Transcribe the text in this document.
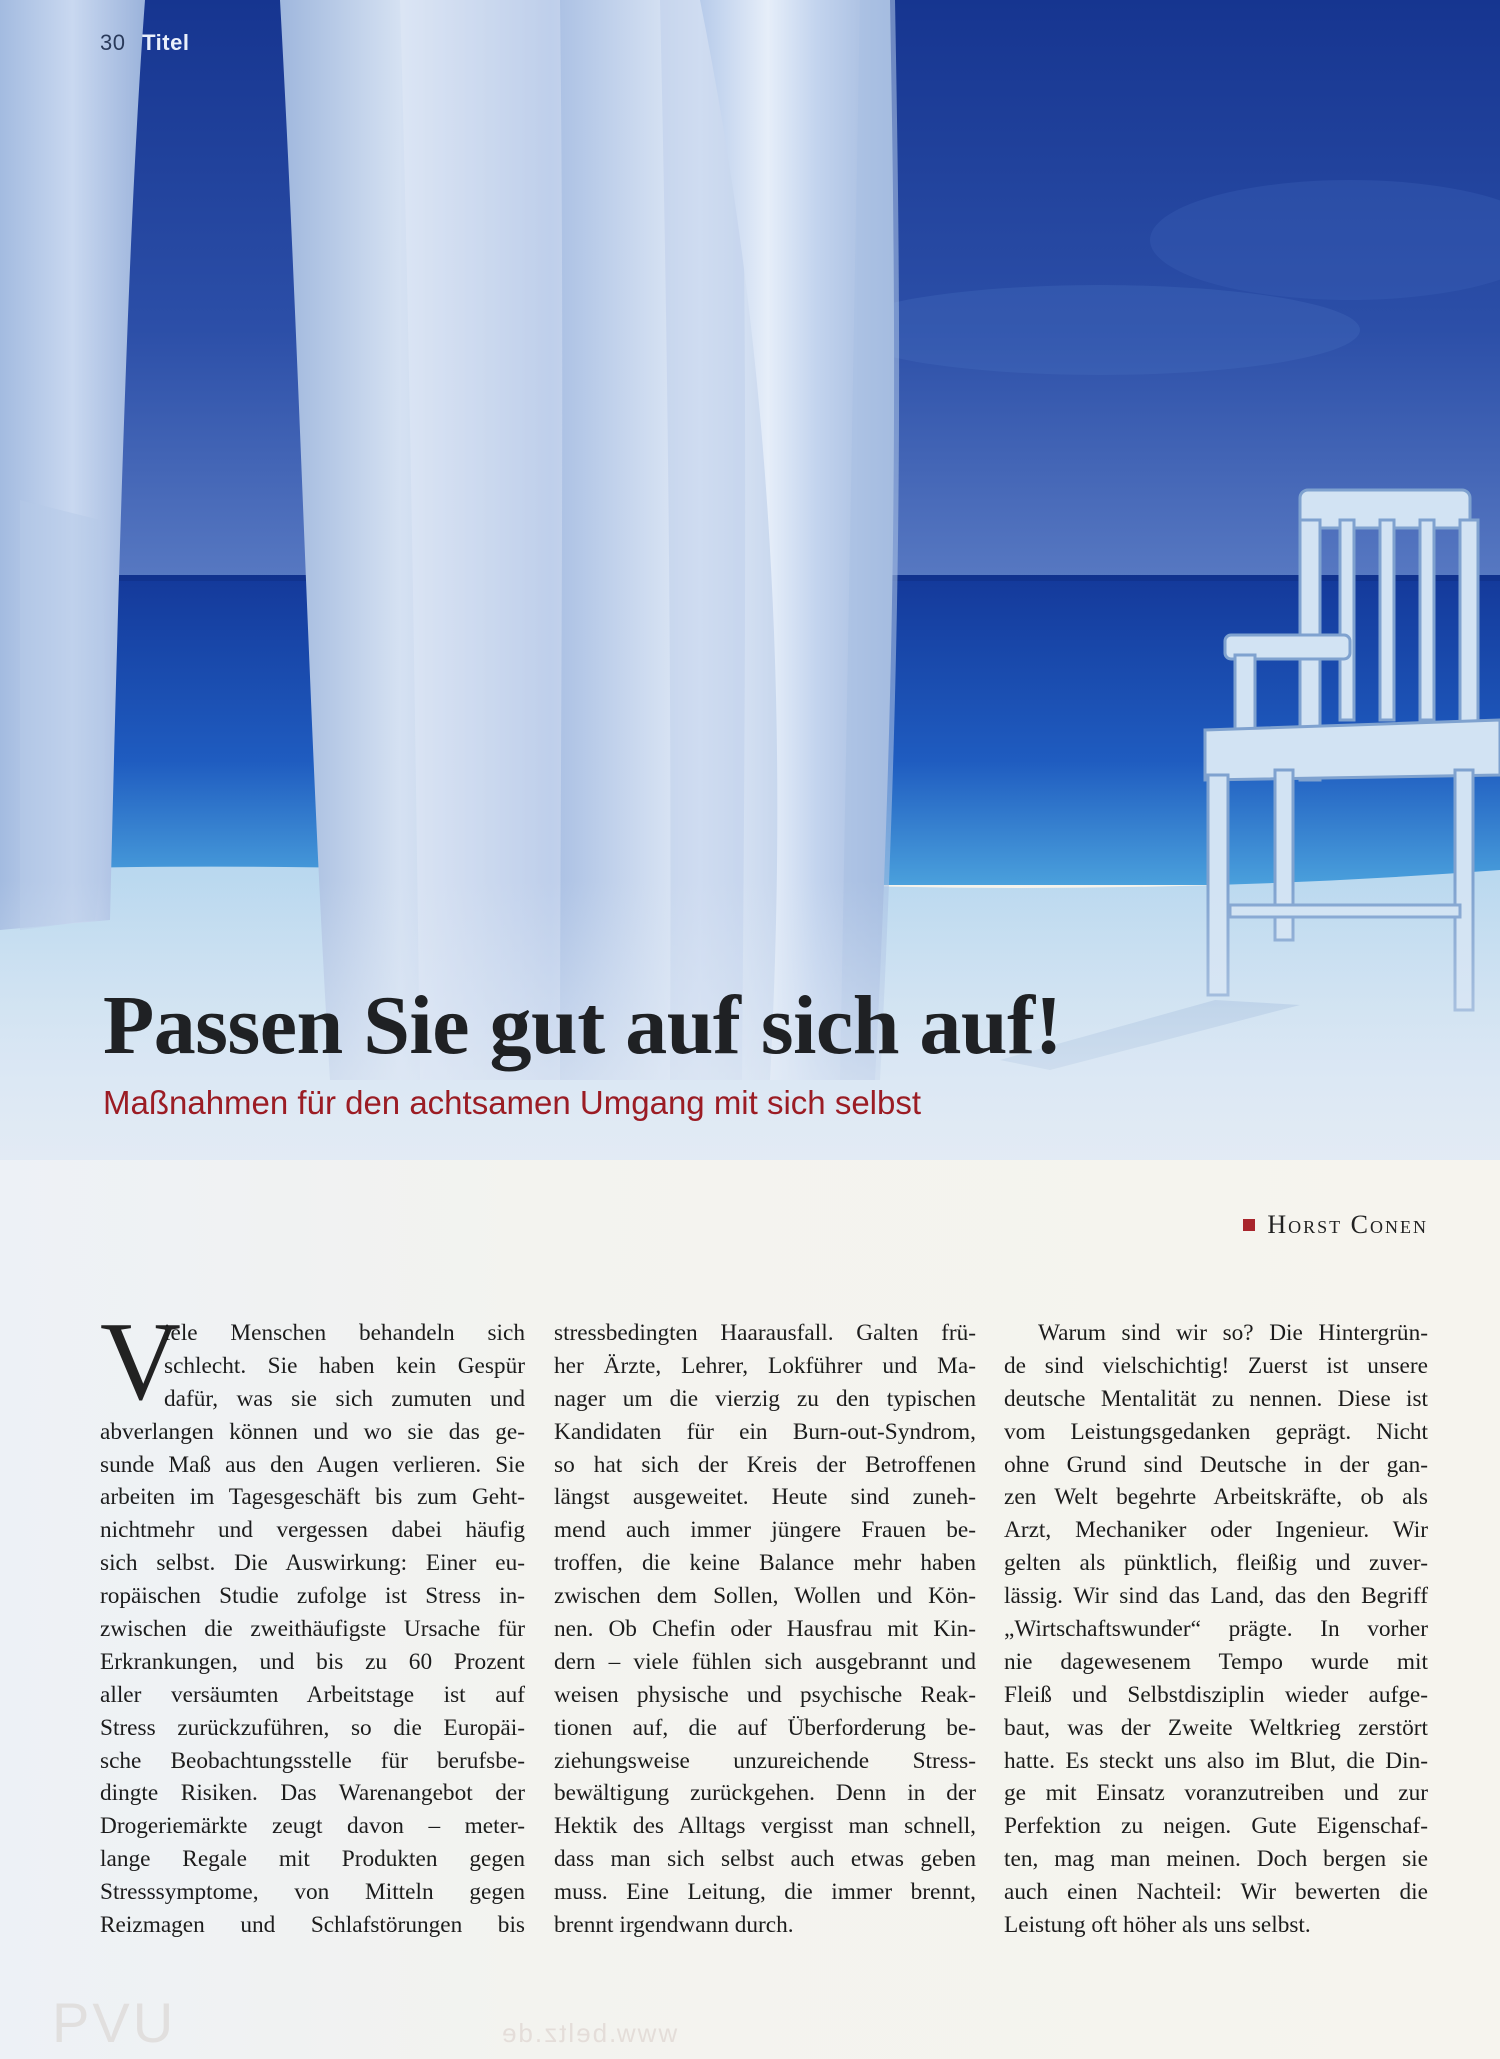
30 Titel
Passen Sie gut auf sich auf!

Maßnahmen für den achtsamen Umgang mit sich selbst

Horst Conen
V

iele Menschen behandeln sich
schlecht. Sie haben kein Gespür
dafür, was sie sich zumuten und
abverlangen können und wo sie das ge-
sunde Maß aus den Augen verlieren. Sie
arbeiten im Tagesgeschäft bis zum Geht-
nichtmehr und vergessen dabei häufig
sich selbst. Die Auswirkung: Einer eu-
ropäischen Studie zufolge ist Stress in-
zwischen die zweithäufigste Ursache für
Erkrankungen, und bis zu 60 Prozent
aller versäumten Arbeitstage ist auf
Stress zurückzuführen, so die Europäi-
sche Beobachtungsstelle für berufsbe-
dingte Risiken. Das Warenangebot der
Drogeriemärkte zeugt davon – meter-
lange Regale mit Produkten gegen
Stresssymptome, von Mitteln gegen
Reizmagen und Schlafstörungen bis

stressbedingten Haarausfall. Galten frü-
her Ärzte, Lehrer, Lokführer und Ma-
nager um die vierzig zu den typischen
Kandidaten für ein Burn-out-Syndrom,
so hat sich der Kreis der Betroffenen
längst ausgeweitet. Heute sind zuneh-
mend auch immer jüngere Frauen be-
troffen, die keine Balance mehr haben
zwischen dem Sollen, Wollen und Kön-
nen. Ob Chefin oder Hausfrau mit Kin-
dern – viele fühlen sich ausgebrannt und
weisen physische und psychische Reak-
tionen auf, die auf Überforderung be-
ziehungsweise unzureichende Stress-
bewältigung zurückgehen. Denn in der
Hektik des Alltags vergisst man schnell,
dass man sich selbst auch etwas geben
muss. Eine Leitung, die immer brennt,
brennt irgendwann durch.

Warum sind wir so? Die Hintergrün-
de sind vielschichtig! Zuerst ist unsere
deutsche Mentalität zu nennen. Diese ist
vom Leistungsgedanken geprägt. Nicht
ohne Grund sind Deutsche in der gan-
zen Welt begehrte Arbeitskräfte, ob als
Arzt, Mechaniker oder Ingenieur. Wir
gelten als pünktlich, fleißig und zuver-
lässig. Wir sind das Land, das den Begriff
„Wirtschaftswunder“ prägte. In vorher
nie dagewesenem Tempo wurde mit
Fleiß und Selbstdisziplin wieder aufge-
baut, was der Zweite Weltkrieg zerstört
hatte. Es steckt uns also im Blut, die Din-
ge mit Einsatz voranzutreiben und zur
Perfektion zu neigen. Gute Eigenschaf-
ten, mag man meinen. Doch bergen sie
auch einen Nachteil: Wir bewerten die
Leistung oft höher als uns selbst.

PVU	www.beltz.de
